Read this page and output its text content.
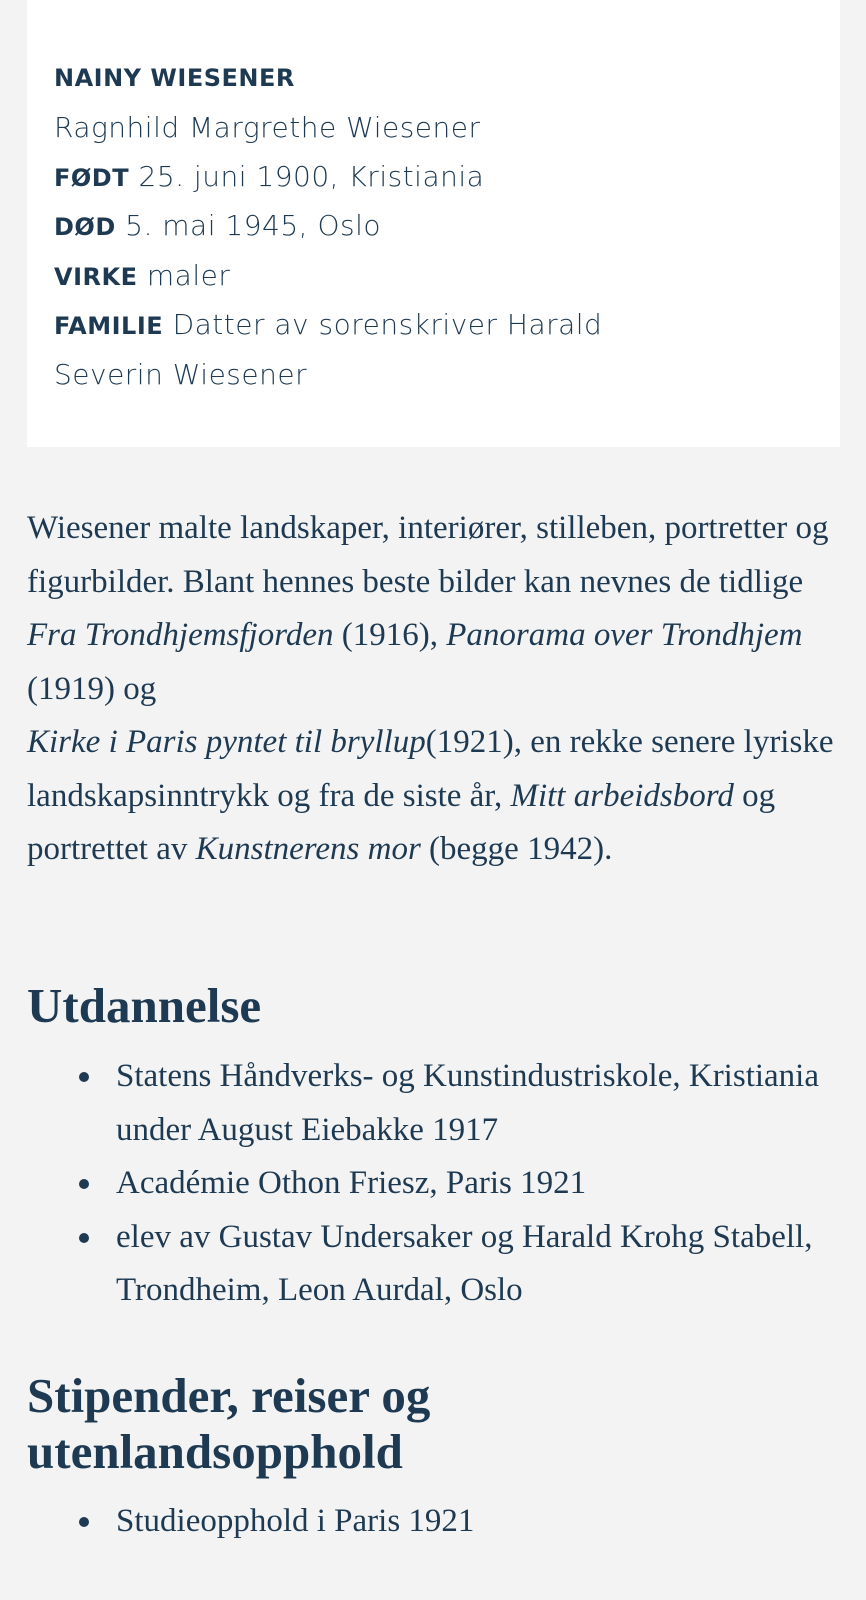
NAINY WIESENER
Ragnhild Margrethe Wiesener
FØDT 25. juni 1900, Kristiania
DØD 5. mai 1945, Oslo
VIRKE maler
FAMILIE Datter av sorenskriver Harald
Severin Wiesener

Wiesener malte landskaper, interiører, stilleben, portretter og figurbilder. Blant hennes beste bilder kan nevnes de tidlige Fra Trondhjemsfjorden (1916), Panorama over Trondhjem (1919) og
Kirke i Paris pyntet til bryllup(1921), en rekke senere lyriske landskapsinntrykk og fra de siste år, Mitt arbeidsbord og portrettet av Kunstnerens mor (begge 1942).

Utdannelse
Statens Håndverks- og Kunstindustriskole, Kristiania under August Eiebakke 1917
Académie Othon Friesz, Paris 1921
elev av Gustav Undersaker og Harald Krohg Stabell, Trondheim, Leon Aurdal, Oslo
Stipender, reiser og utenlandsopphold
Studieopphold i Paris 1921
